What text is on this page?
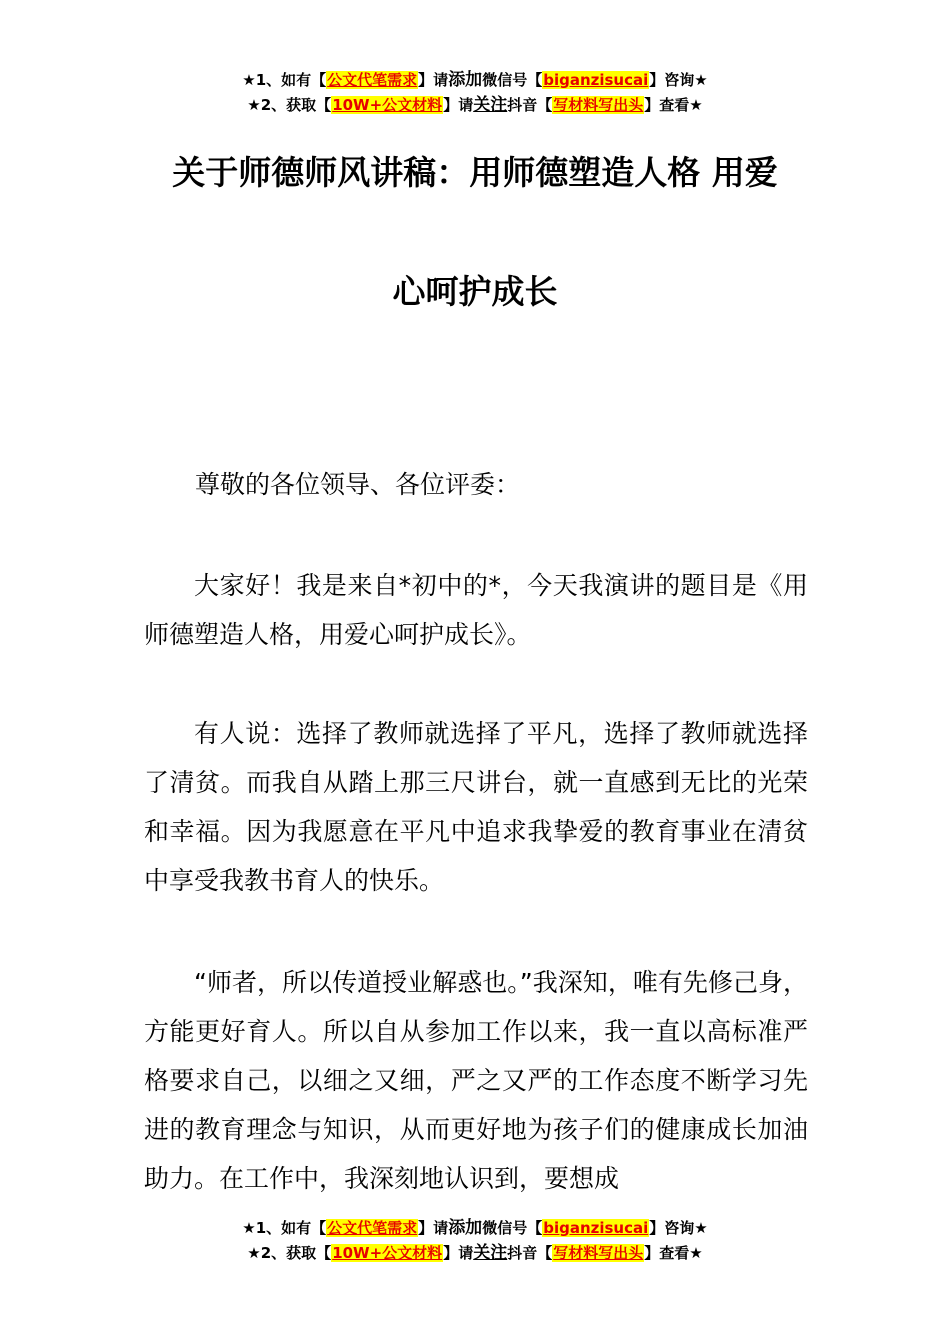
★1、如有【公文代笔需求】请添加微信号【biganzisucai】咨询★
★2、获取【10W+公文材料】请关注抖音【写材料写出头】查看★
关于师德师风讲稿：用师德塑造人格 用爱
心呵护成长
尊敬的各位领导、各位评委：
大家好！我是来自*初中的*，今天我演讲的题目是《用师德塑造人格，用爱心呵护成长》。
有人说：选择了教师就选择了平凡，选择了教师就选择了清贫。而我自从踏上那三尺讲台，就一直感到无比的光荣和幸福。因为我愿意在平凡中追求我挚爱的教育事业在清贫中享受我教书育人的快乐。
“师者，所以传道授业解惑也。”我深知，唯有先修己身，方能更好育人。所以自从参加工作以来，我一直以高标准严格要求自己，以细之又细，严之又严的工作态度不断学习先进的教育理念与知识，从而更好地为孩子们的健康成长加油助力。在工作中，我深刻地认识到，要想成
★1、如有【公文代笔需求】请添加微信号【biganzisucai】咨询★
★2、获取【10W+公文材料】请关注抖音【写材料写出头】查看★
